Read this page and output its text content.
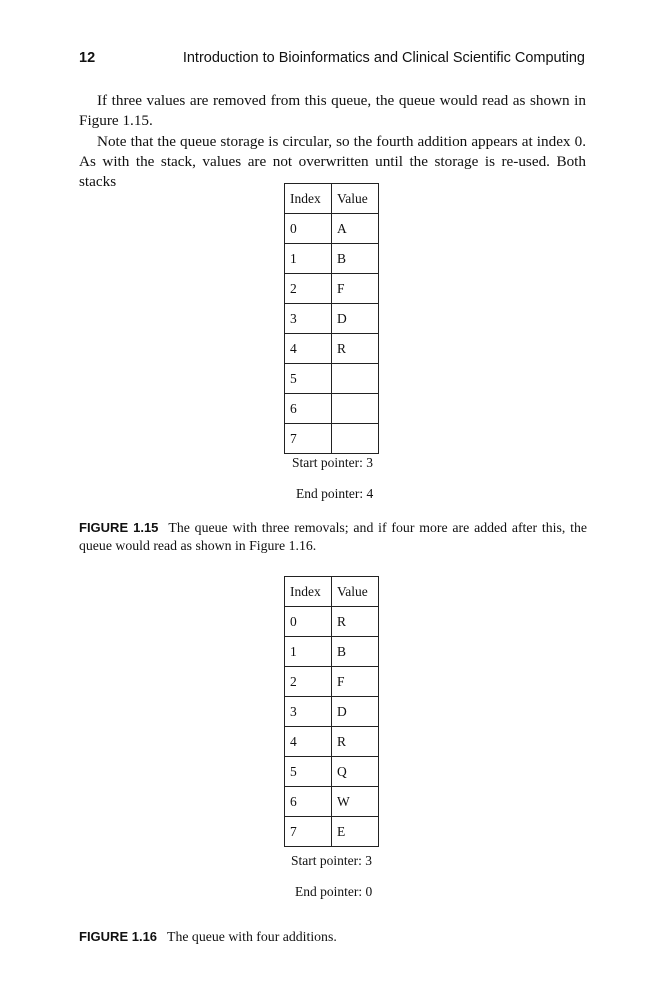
12	Introduction to Bioinformatics and Clinical Scientific Computing
If three values are removed from this queue, the queue would read as shown in Figure 1.15.
Note that the queue storage is circular, so the fourth addition appears at index 0. As with the stack, values are not overwritten until the storage is re-used. Both stacks
Index	Value
0	A
1	B
2	F
3	D
4	R
5	
6	
7	
Start pointer: 3
End pointer: 4
FIGURE 1.15 The queue with three removals; and if four more are added after this, the queue would read as shown in Figure 1.16.
Index	Value
0	R
1	B
2	F
3	D
4	R
5	Q
6	W
7	E
Start pointer: 3
End pointer: 0
FIGURE 1.16 The queue with four additions.
